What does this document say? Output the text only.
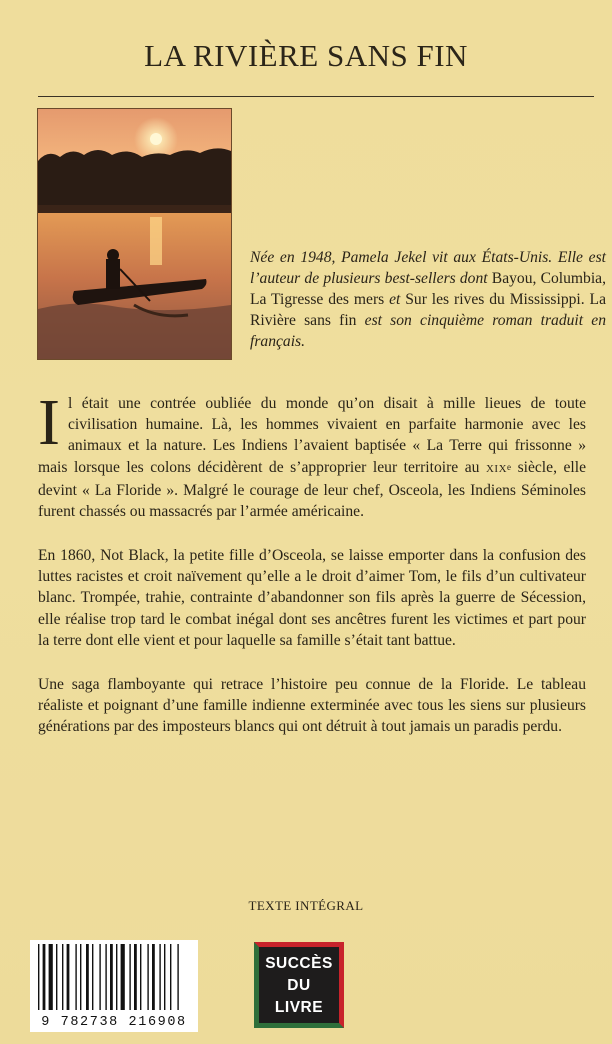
LA RIVIÈRE SANS FIN
Née en 1948, Pamela Jekel vit aux États-Unis. Elle est l’auteur de plusieurs best-sellers dont Bayou, Columbia, La Tigresse des mers et Sur les rives du Mississippi. La Rivière sans fin est son cinquième roman traduit en français.

Il était une contrée oubliée du monde qu’on disait à mille lieues de toute civilisation humaine. Là, les hommes vivaient en parfaite harmonie avec les animaux et la nature. Les Indiens l’avaient baptisée « La Terre qui frissonne » mais lorsque les colons décidèrent de s’approprier leur territoire au XIXe siècle, elle devint « La Floride ». Malgré le courage de leur chef, Osceola, les Indiens Séminoles furent chassés ou massacrés par l’armée américaine.

En 1860, Not Black, la petite fille d’Osceola, se laisse emporter dans la confusion des luttes racistes et croit naïvement qu’elle a le droit d’aimer Tom, le fils d’un cultivateur blanc. Trompée, trahie, contrainte d’abandonner son fils après la guerre de Sécession, elle réalise trop tard le combat inégal dont ses ancêtres furent les victimes et part pour la terre dont elle vient et pour laquelle sa famille s’était tant battue.

Une saga flamboyante qui retrace l’histoire peu connue de la Floride. Le tableau réaliste et poignant d’une famille indienne exterminée avec tous les siens sur plusieurs générations par des imposteurs blancs qui ont détruit à tout jamais un paradis perdu.

TEXTE INTÉGRAL
9 782738 216908
SUCCÈS
DU
LIVRE
